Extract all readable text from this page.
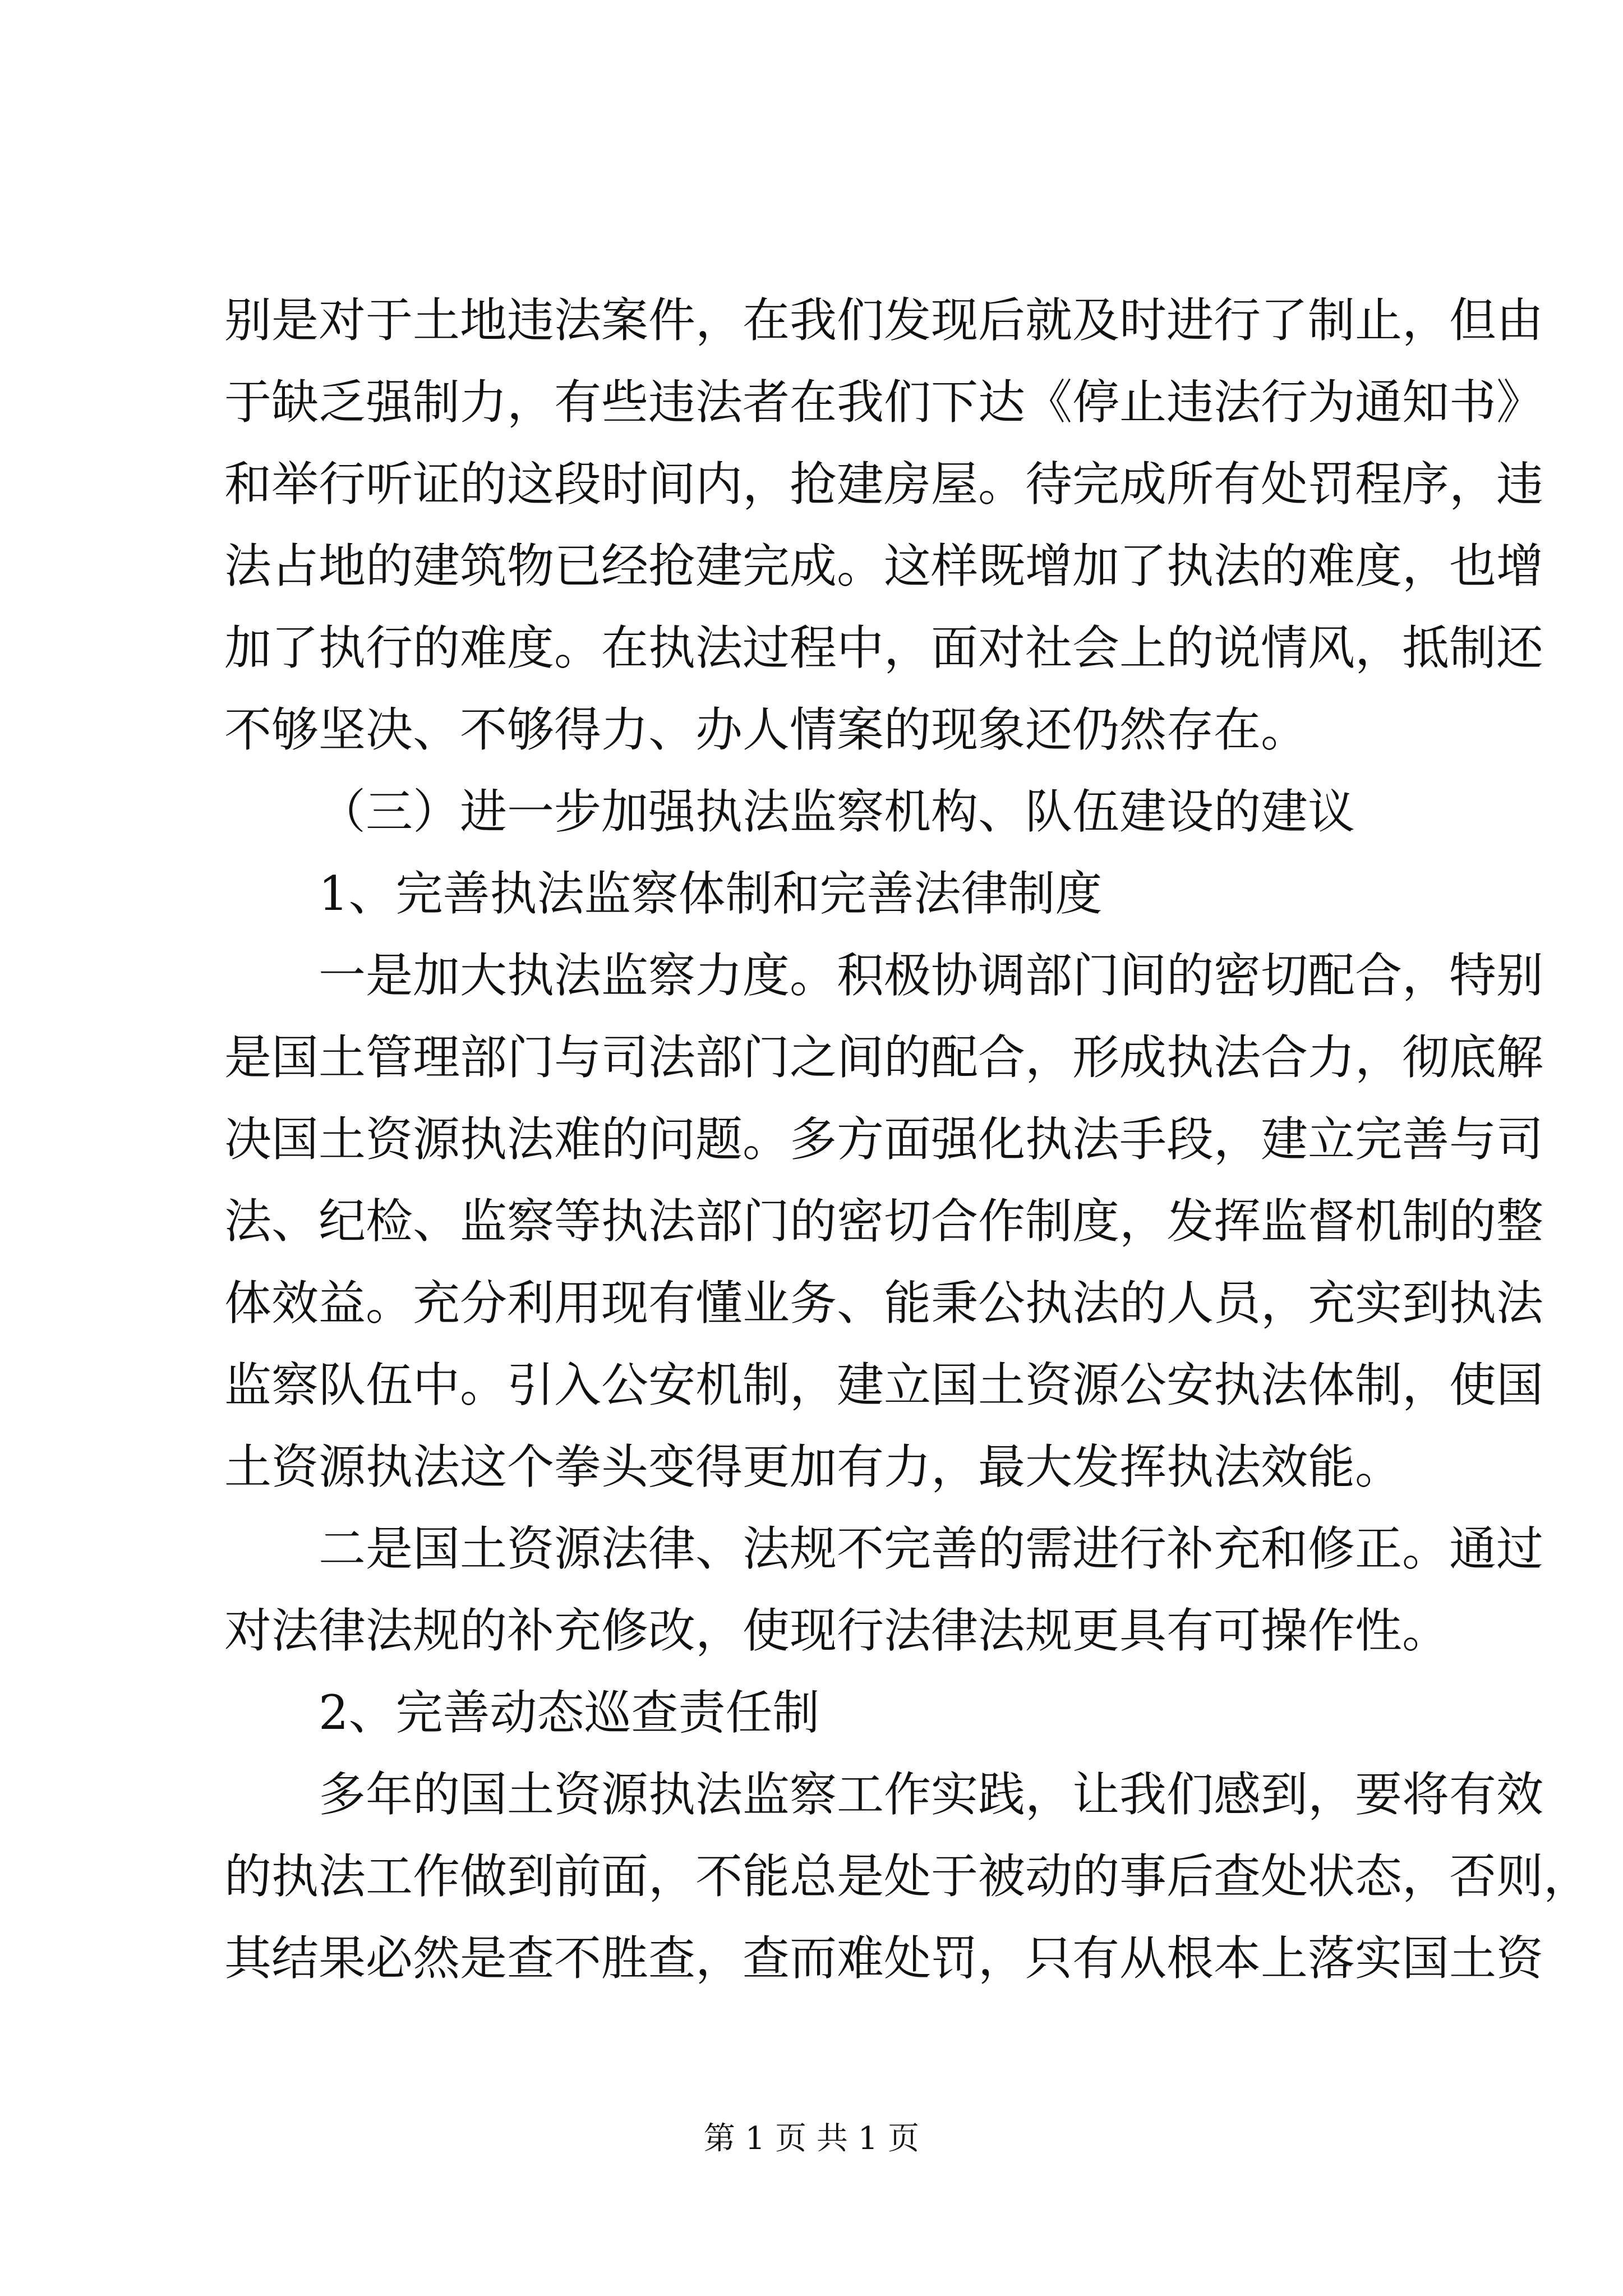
别是对于土地违法案件，在我们发现后就及时进行了制止，但由
于缺乏强制力，有些违法者在我们下达《停止违法行为通知书》
和举行听证的这段时间内，抢建房屋。待完成所有处罚程序，违
法占地的建筑物已经抢建完成。这样既增加了执法的难度，也增
加了执行的难度。在执法过程中，面对社会上的说情风，抵制还
不够坚决、不够得力、办人情案的现象还仍然存在。
（三）进一步加强执法监察机构、队伍建设的建议
1、完善执法监察体制和完善法律制度
一是加大执法监察力度。积极协调部门间的密切配合，特别
是国土管理部门与司法部门之间的配合，形成执法合力，彻底解
决国土资源执法难的问题。多方面强化执法手段，建立完善与司
法、纪检、监察等执法部门的密切合作制度，发挥监督机制的整
体效益。充分利用现有懂业务、能秉公执法的人员，充实到执法
监察队伍中。引入公安机制，建立国土资源公安执法体制，使国
土资源执法这个拳头变得更加有力，最大发挥执法效能。
二是国土资源法律、法规不完善的需进行补充和修正。通过
对法律法规的补充修改，使现行法律法规更具有可操作性。
2、完善动态巡查责任制
多年的国土资源执法监察工作实践，让我们感到，要将有效
的执法工作做到前面，不能总是处于被动的事后查处状态，否则，
其结果必然是查不胜查，查而难处罚，只有从根本上落实国土资
第 1 页 共 1 页
